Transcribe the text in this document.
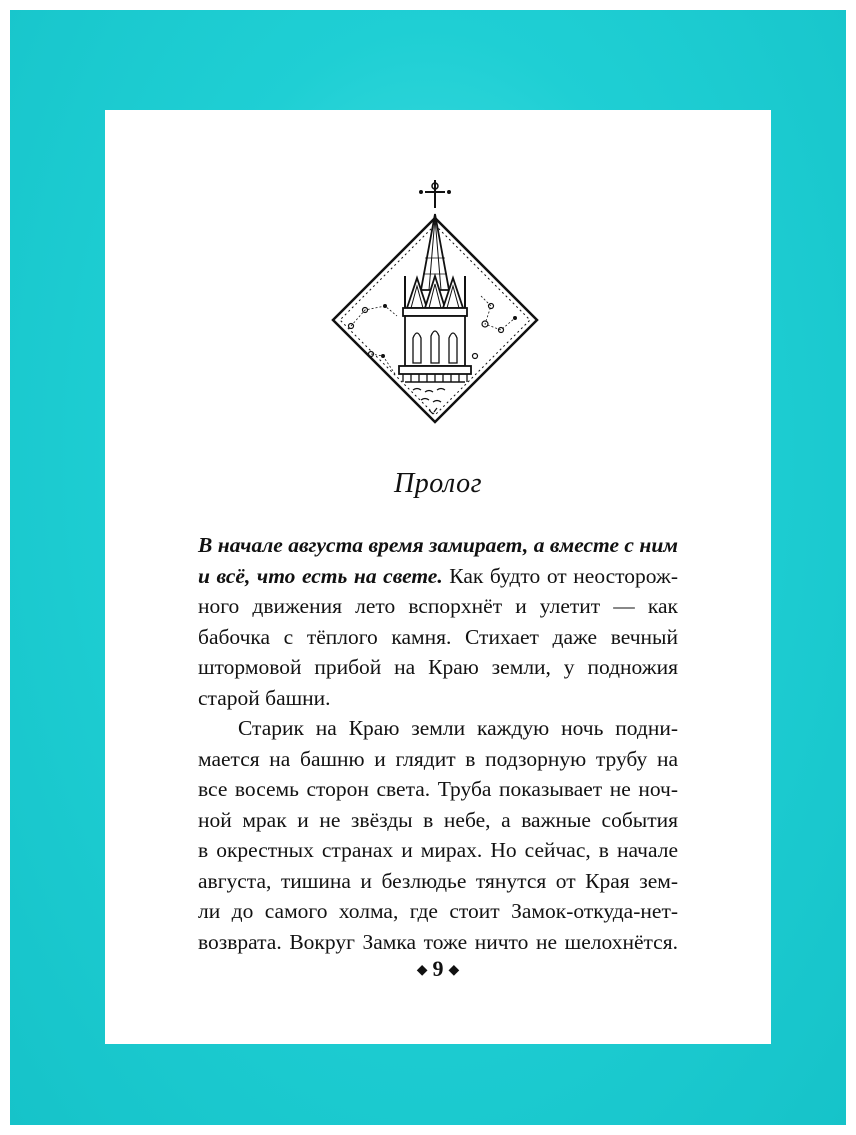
Пролог
В начале августа время замирает, а вместе с ним
и всё, что есть на свете. Как будто от неосторож-
ного движения лето вспорхнёт и улетит — как
бабочка с тёплого камня. Стихает даже вечный
штормовой прибой на Краю земли, у подножия
старой башни.
Старик на Краю земли каждую ночь подни-
мается на башню и глядит в подзорную трубу на
все восемь сторон света. Труба показывает не ноч-
ной мрак и не звёзды в небе, а важные события
в окрестных странах и мирах. Но сейчас, в начале
августа, тишина и безлюдье тянутся от Края зем-
ли до самого холма, где стоит Замок-откуда-нет-
возврата. Вокруг Замка тоже ничто не шелохнётся.
◆ 9 ◆
